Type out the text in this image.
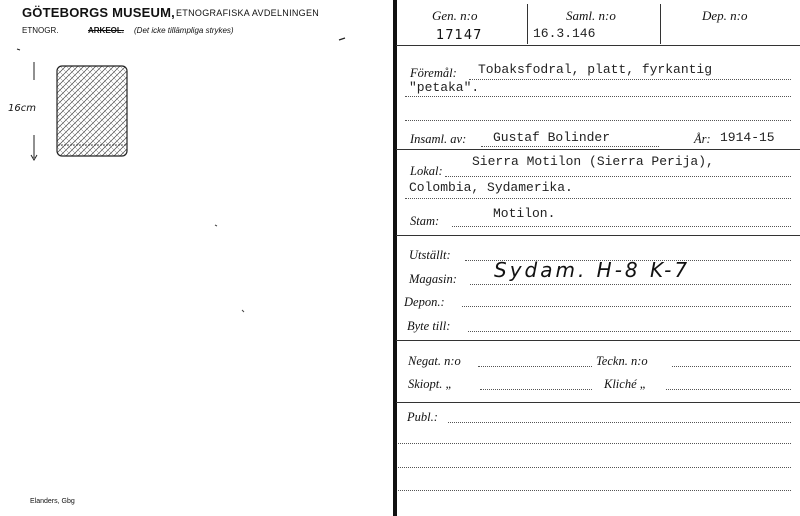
GÖTEBORGS MUSEUM, ETNOGRAFISKA AVDELNINGEN
ETNOGR.	ARKEOL. (Det icke tillämpliga strykes)
16cm
Elanders, Gbg
Gen. n:o
17147
Saml. n:o
16.3.146
Dep. n:o
Föremål: Tobaksfodral, platt, fyrkantig
"petaka".
Insaml. av: Gustaf Bolinder	År: 1914-15
Lokal:
Sierra Motilon (Sierra Perija),
Colombia, Sydamerika.
Stam:	Motilon.
Utställt:
Magasin: Sydam. H-8 K-7
Depon.:
Byte till:
Negat. n:o	Teckn. n:o
Skiopt. „	Kliché „
Publ.:
